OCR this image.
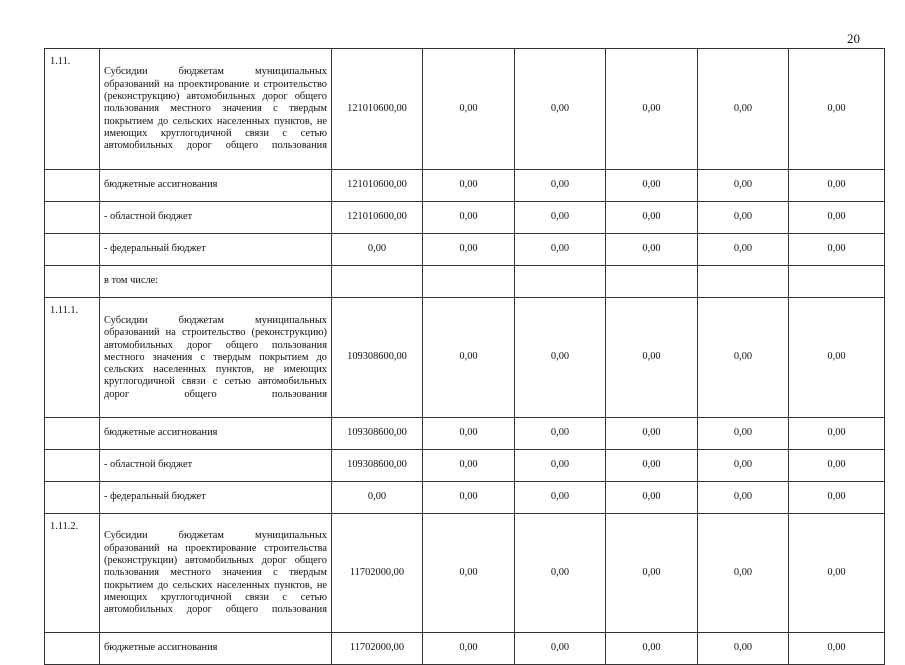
20
1.11.	Субсидии бюджетам муниципальных образований на проектирование и строительство (реконструкцию) автомобильных дорог общего пользования местного значения с твердым покрытием до сельских населенных пунктов, не имеющих круглогодичной связи с сетью автомобильных дорог общего пользования	121010600,00	0,00	0,00	0,00	0,00	0,00
	бюджетные ассигнования	121010600,00	0,00	0,00	0,00	0,00	0,00
	- областной бюджет	121010600,00	0,00	0,00	0,00	0,00	0,00
	- федеральный бюджет	0,00	0,00	0,00	0,00	0,00	0,00
	в том числе:						
1.11.1.	Субсидии бюджетам муниципальных образований на строительство (реконструкцию) автомобильных дорог общего пользования местного значения с твердым покрытием до сельских населенных пунктов, не имеющих круглогодичной связи с сетью автомобильных дорог общего пользования	109308600,00	0,00	0,00	0,00	0,00	0,00
	бюджетные ассигнования	109308600,00	0,00	0,00	0,00	0,00	0,00
	- областной бюджет	109308600,00	0,00	0,00	0,00	0,00	0,00
	- федеральный бюджет	0,00	0,00	0,00	0,00	0,00	0,00
1.11.2.	Субсидии бюджетам муниципальных образований на проектирование строительства (реконструкции) автомобильных дорог общего пользования местного значения с твердым покрытием до сельских населенных пунктов, не имеющих круглогодичной связи с сетью автомобильных дорог общего пользования	11702000,00	0,00	0,00	0,00	0,00	0,00
	бюджетные ассигнования	11702000,00	0,00	0,00	0,00	0,00	0,00
